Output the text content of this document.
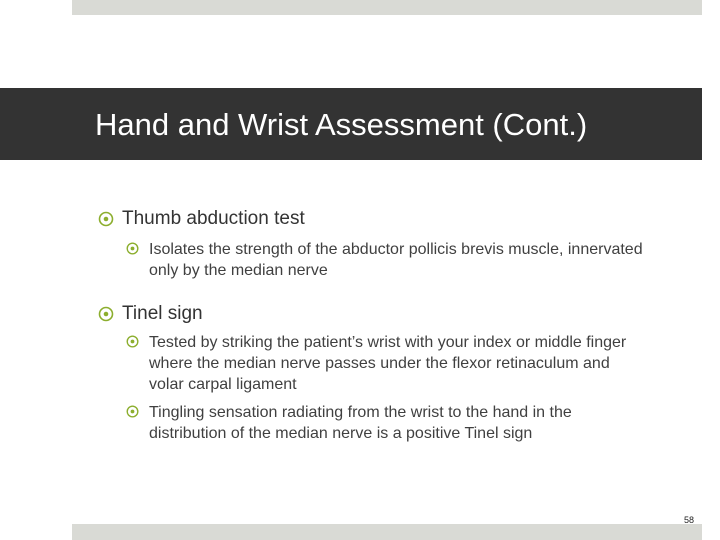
Hand and Wrist Assessment (Cont.)
Thumb abduction test
Isolates the strength of the abductor pollicis brevis muscle, innervated only by the median nerve
Tinel sign
Tested by striking the patient’s wrist with your index or middle finger where the median nerve passes under the flexor retinaculum and volar carpal ligament
Tingling sensation radiating from the wrist to the hand in the distribution of the median nerve is a positive Tinel sign
58
